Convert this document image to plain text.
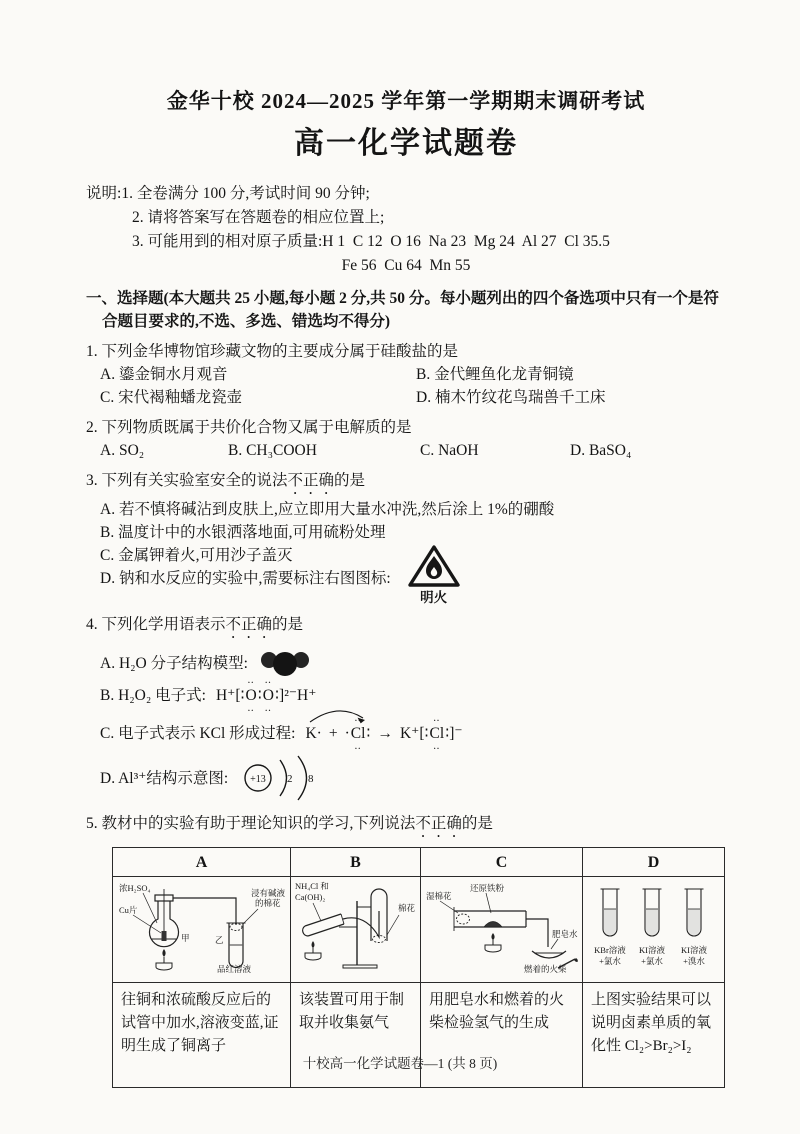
金华十校 2024—2025 学年第一学期期末调研考试
高一化学试题卷
说明: 1. 全卷满分 100 分,考试时间 90 分钟;
2. 请将答案写在答题卷的相应位置上;
3. 可能用到的相对原子质量:H 1  C 12  O 16  Na 23  Mg 24  Al 27  Cl 35.5
Fe 56  Cu 64  Mn 55
一、选择题(本大题共 25 小题,每小题 2 分,共 50 分。每小题列出的四个备选项中只有一个是符合题目要求的,不选、多选、错选均不得分)
1. 下列金华博物馆珍藏文物的主要成分属于硅酸盐的是
A. 鎏金铜水月观音	B. 金代鲤鱼化龙青铜镜
C. 宋代褐釉蟠龙瓷壶	D. 楠木竹纹花鸟瑞兽千工床
2. 下列物质既属于共价化合物又属于电解质的是
A. SO₂	B. CH₃COOH	C. NaOH	D. BaSO₄
3. 下列有关实验室安全的说法不正确的是
A. 若不慎将碱沾到皮肤上,应立即用大量水冲洗,然后涂上 1%的硼酸
B. 温度计中的水银洒落地面,可用硫粉处理
C. 金属钾着火,可用沙子盖灭
D. 钠和水反应的实验中,需要标注右图图标:
明火
4. 下列化学用语表示不正确的是
A. H₂O 分子结构模型:
B. H₂O₂ 电子式: H⁺[∶‥ O ‥∶‥ O ‥∶]²⁻H⁺
C. 电子式表示 KCl 形成过程: K· + ·‥ Cl ‥∶ → K⁺[∶‥ Cl ‥∶]⁻
D. Al³⁺结构示意图: +13 2 8
5. 教材中的实验有助于理论知识的学习,下列说法不正确的是
A	B	C	D

浓H₂SO₄
Cu片
甲	乙
浸有碱液
的棉花
品红溶液

NH₄Cl 和
Ca(OH)₂
棉花

湿棉花
还原铁粉
肥皂水
燃着的火柴

KBr溶液
+氯水
KI溶液
+氯水
KI溶液
+溴水

往铜和浓硫酸反应后的试管中加水,溶液变蓝,证明生成了铜离子	该装置可用于制取并收集氨气	用肥皂水和燃着的火柴检验氢气的生成	上图实验结果可以说明卤素单质的氧化性 Cl₂>Br₂>I₂
十校高一化学试题卷—1 (共 8 页)
